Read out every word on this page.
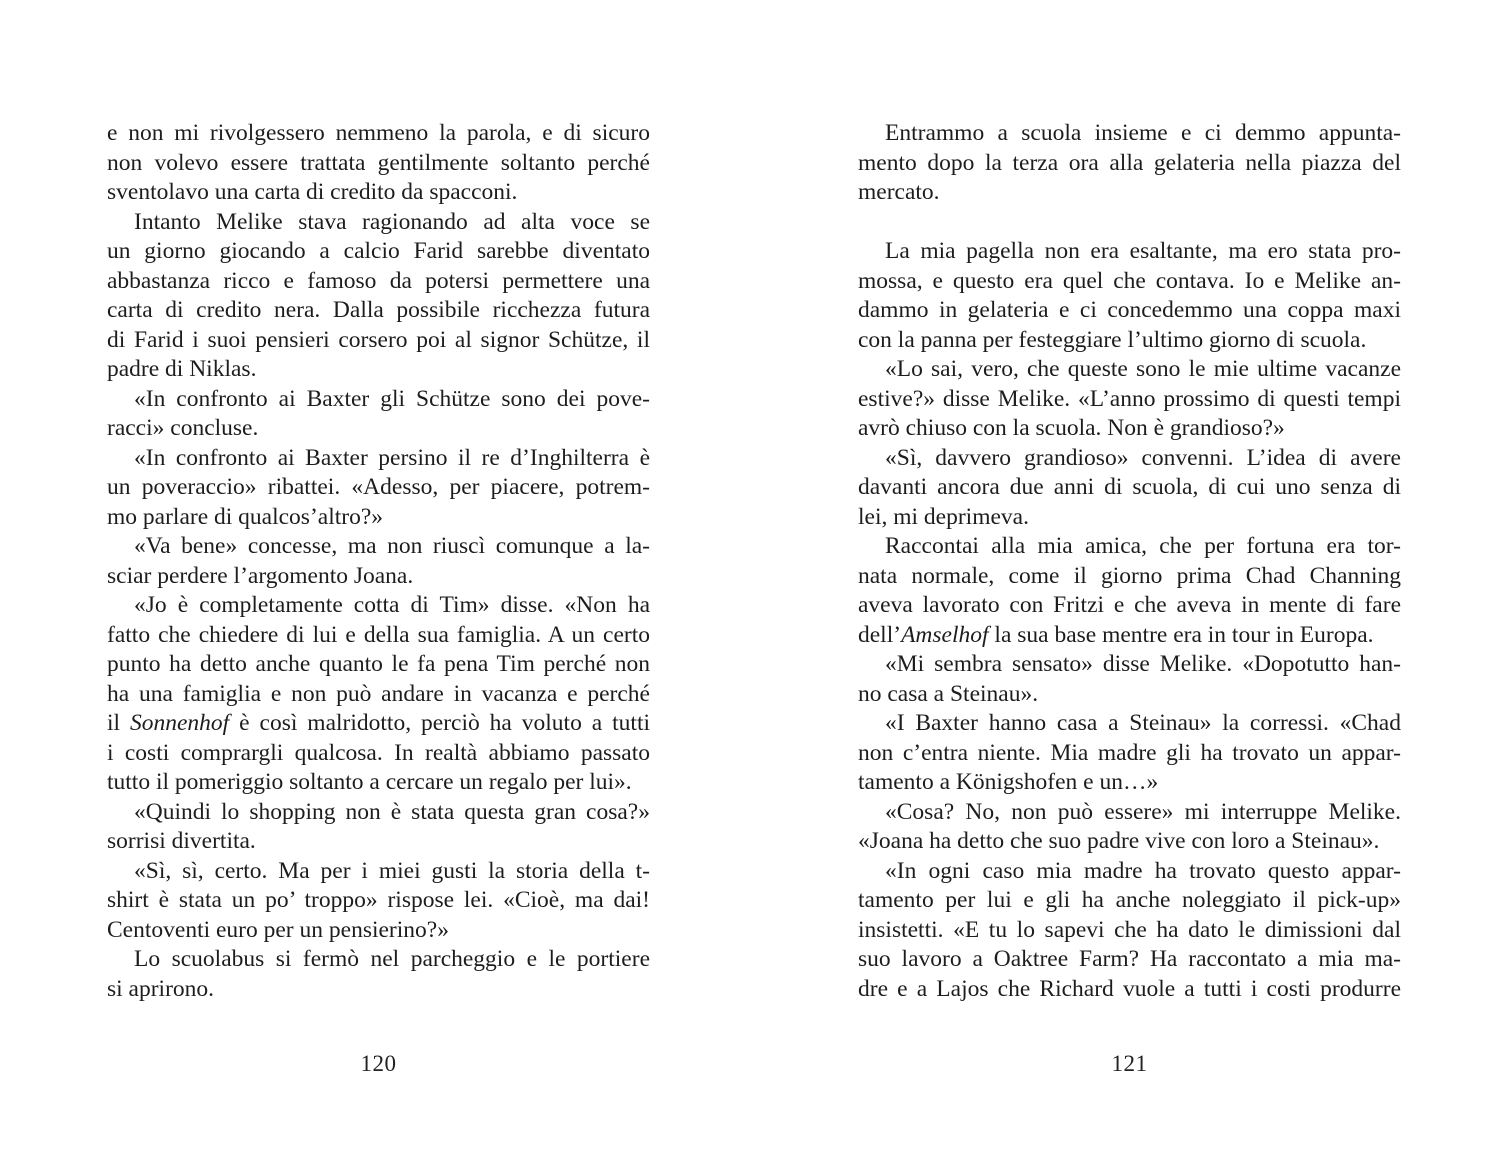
e non mi rivolgessero nemmeno la parola, e di sicuro
non volevo essere trattata gentilmente soltanto perché
sventolavo una carta di credito da spacconi.
Intanto Melike stava ragionando ad alta voce se
un giorno giocando a calcio Farid sarebbe diventato
abbastanza ricco e famoso da potersi permettere una
carta di credito nera. Dalla possibile ricchezza futura
di Farid i suoi pensieri corsero poi al signor Schütze, il
padre di Niklas.
«In confronto ai Baxter gli Schütze sono dei pove-
racci» concluse.
«In confronto ai Baxter persino il re d’Inghilterra è
un poveraccio» ribattei. «Adesso, per piacere, potrem-
mo parlare di qualcos’altro?»
«Va bene» concesse, ma non riuscì comunque a la-
sciar perdere l’argomento Joana.
«Jo è completamente cotta di Tim» disse. «Non ha
fatto che chiedere di lui e della sua famiglia. A un certo
punto ha detto anche quanto le fa pena Tim perché non
ha una famiglia e non può andare in vacanza e perché
il Sonnenhof è così malridotto, perciò ha voluto a tutti
i costi comprargli qualcosa. In realtà abbiamo passato
tutto il pomeriggio soltanto a cercare un regalo per lui».
«Quindi lo shopping non è stata questa gran cosa?»
sorrisi divertita.
«Sì, sì, certo. Ma per i miei gusti la storia della t-
shirt è stata un po’ troppo» rispose lei. «Cioè, ma dai!
Centoventi euro per un pensierino?»
Lo scuolabus si fermò nel parcheggio e le portiere
si aprirono.
120
Entrammo a scuola insieme e ci demmo appunta-
mento dopo la terza ora alla gelateria nella piazza del
mercato.
La mia pagella non era esaltante, ma ero stata pro-
mossa, e questo era quel che contava. Io e Melike an-
dammo in gelateria e ci concedemmo una coppa maxi
con la panna per festeggiare l’ultimo giorno di scuola.
«Lo sai, vero, che queste sono le mie ultime vacanze
estive?» disse Melike. «L’anno prossimo di questi tempi
avrò chiuso con la scuola. Non è grandioso?»
«Sì, davvero grandioso» convenni. L’idea di avere
davanti ancora due anni di scuola, di cui uno senza di
lei, mi deprimeva.
Raccontai alla mia amica, che per fortuna era tor-
nata normale, come il giorno prima Chad Channing
aveva lavorato con Fritzi e che aveva in mente di fare
dell’Amselhof la sua base mentre era in tour in Europa.
«Mi sembra sensato» disse Melike. «Dopotutto han-
no casa a Steinau».
«I Baxter hanno casa a Steinau» la corressi. «Chad
non c’entra niente. Mia madre gli ha trovato un appar-
tamento a Königshofen e un…»
«Cosa? No, non può essere» mi interruppe Melike.
«Joana ha detto che suo padre vive con loro a Steinau».
«In ogni caso mia madre ha trovato questo appar-
tamento per lui e gli ha anche noleggiato il pick-up»
insistetti. «E tu lo sapevi che ha dato le dimissioni dal
suo lavoro a Oaktree Farm? Ha raccontato a mia ma-
dre e a Lajos che Richard vuole a tutti i costi produrre
121
